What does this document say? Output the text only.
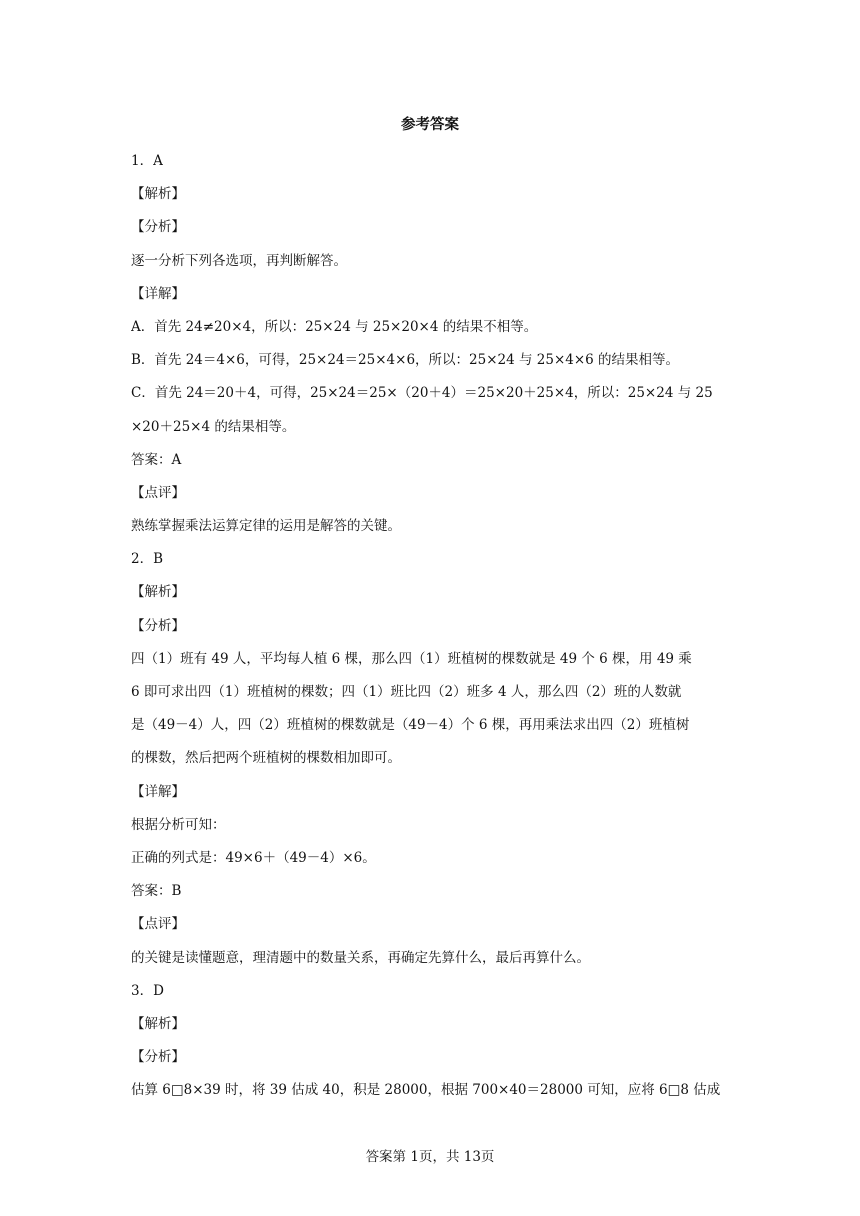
参考答案
1．A
【解析】
【分析】
逐一分析下列各选项，再判断解答。
【详解】
A．首先 24≠20×4，所以：25×24 与 25×20×4 的结果不相等。
B．首先 24＝4×6，可得，25×24＝25×4×6，所以：25×24 与 25×4×6 的结果相等。
C．首先 24＝20＋4，可得，25×24＝25×（20＋4）＝25×20＋25×4，所以：25×24 与 25
×20＋25×4 的结果相等。
答案：A
【点评】
熟练掌握乘法运算定律的运用是解答的关键。
2．B
【解析】
【分析】
四（1）班有 49 人，平均每人植 6 棵，那么四（1）班植树的棵数就是 49 个 6 棵，用 49 乘
6 即可求出四（1）班植树的棵数；四（1）班比四（2）班多 4 人，那么四（2）班的人数就
是（49－4）人，四（2）班植树的棵数就是（49－4）个 6 棵，再用乘法求出四（2）班植树
的棵数，然后把两个班植树的棵数相加即可。
【详解】
根据分析可知：
正确的列式是：49×6＋（49－4）×6。
答案：B
【点评】
的关键是读懂题意，理清题中的数量关系，再确定先算什么，最后再算什么。
3．D
【解析】
【分析】
估算 6□8×39 时，将 39 估成 40，积是 28000，根据 700×40＝28000 可知，应将 6□8 估成
答案第 1页，共 13页
